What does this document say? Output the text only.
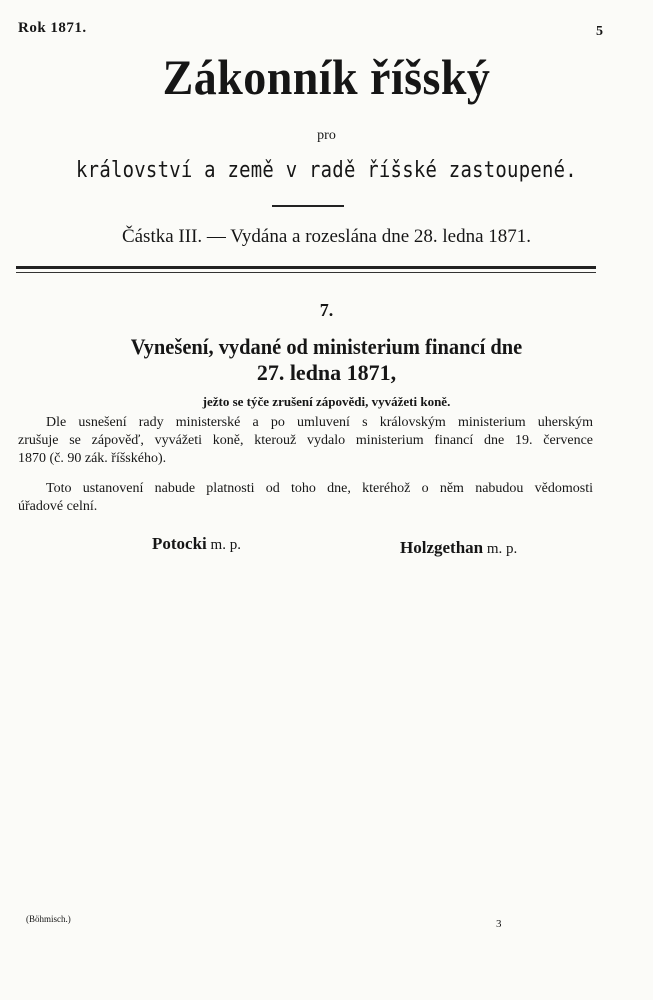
Rok 1871.	5
Zákonník říšský
pro
království a země v radě říšské zastoupené.
Částka III. — Vydána a rozeslána dne 28. ledna 1871.
7.
Vynešení, vydané od ministerium financí dne
27. ledna 1871,
ježto se týče zrušení zápovědi, vyvážeti koně.
Dle usnešení rady ministerské a po umluvení s královským ministerium uherským
zrušuje se zápověď, vyvážeti koně, kterouž vydalo ministerium financí dne 19. července
1870 (č. 90 zák. říšského).
Toto ustanovení nabude platnosti od toho dne, kteréhož o něm nabudou vědomosti
úřadové celní.
Potocki m. p.	Holzgethan m. p.
(Böhmisch.)	3
